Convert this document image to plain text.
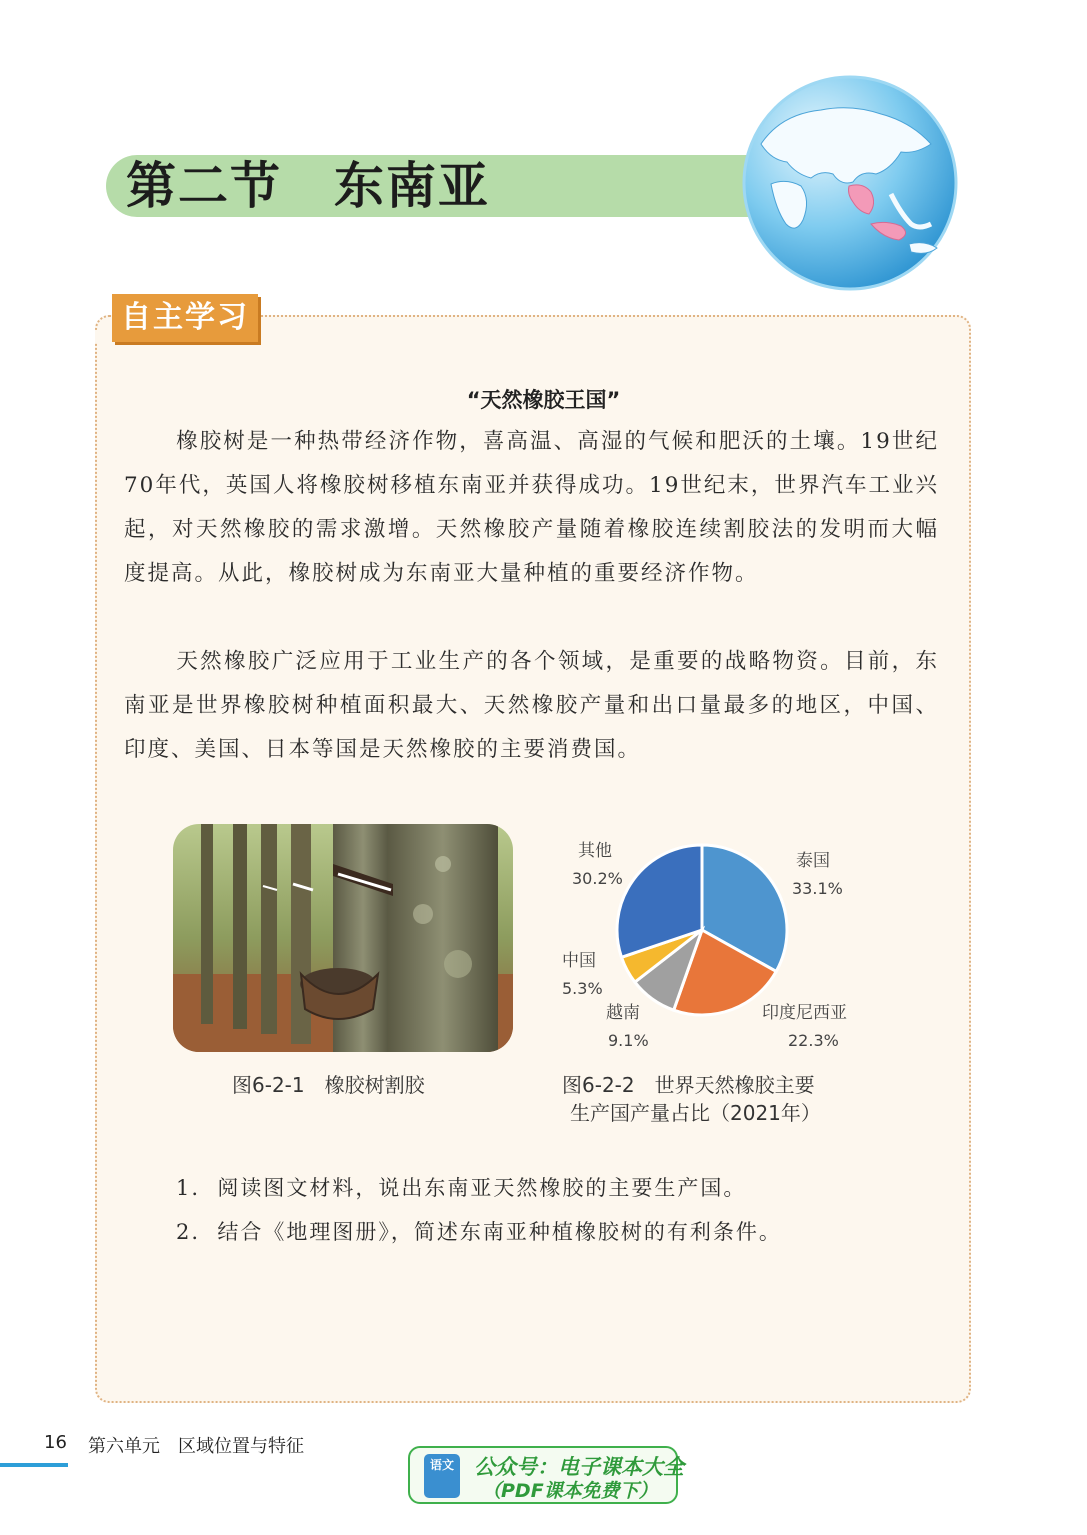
第二节　东南亚
自主学习
“天然橡胶王国”

橡胶树是一种热带经济作物，喜高温、高湿的气候和肥沃的土壤。19世纪70年代，英国人将橡胶树移植东南亚并获得成功。19世纪末，世界汽车工业兴起，对天然橡胶的需求激增。天然橡胶产量随着橡胶连续割胶法的发明而大幅度提高。从此，橡胶树成为东南亚大量种植的重要经济作物。

天然橡胶广泛应用于工业生产的各个领域，是重要的战略物资。目前，东南亚是世界橡胶树种植面积最大、天然橡胶产量和出口量最多的地区，中国、印度、美国、日本等国是天然橡胶的主要消费国。

其他
30.2%
泰国
33.1%
中国
5.3%
越南
9.1%
印度尼西亚
22.3%
图6-2-1　橡胶树割胶	图6-2-2　世界天然橡胶主要
生产国产量占比（2021年）
1.  阅读图文材料，说出东南亚天然橡胶的主要生产国。
2.  结合《地理图册》，简述东南亚种植橡胶树的有利条件。
16 第六单元　区域位置与特征
语文 公众号：电子课本大全
（PDF课本免费下）
